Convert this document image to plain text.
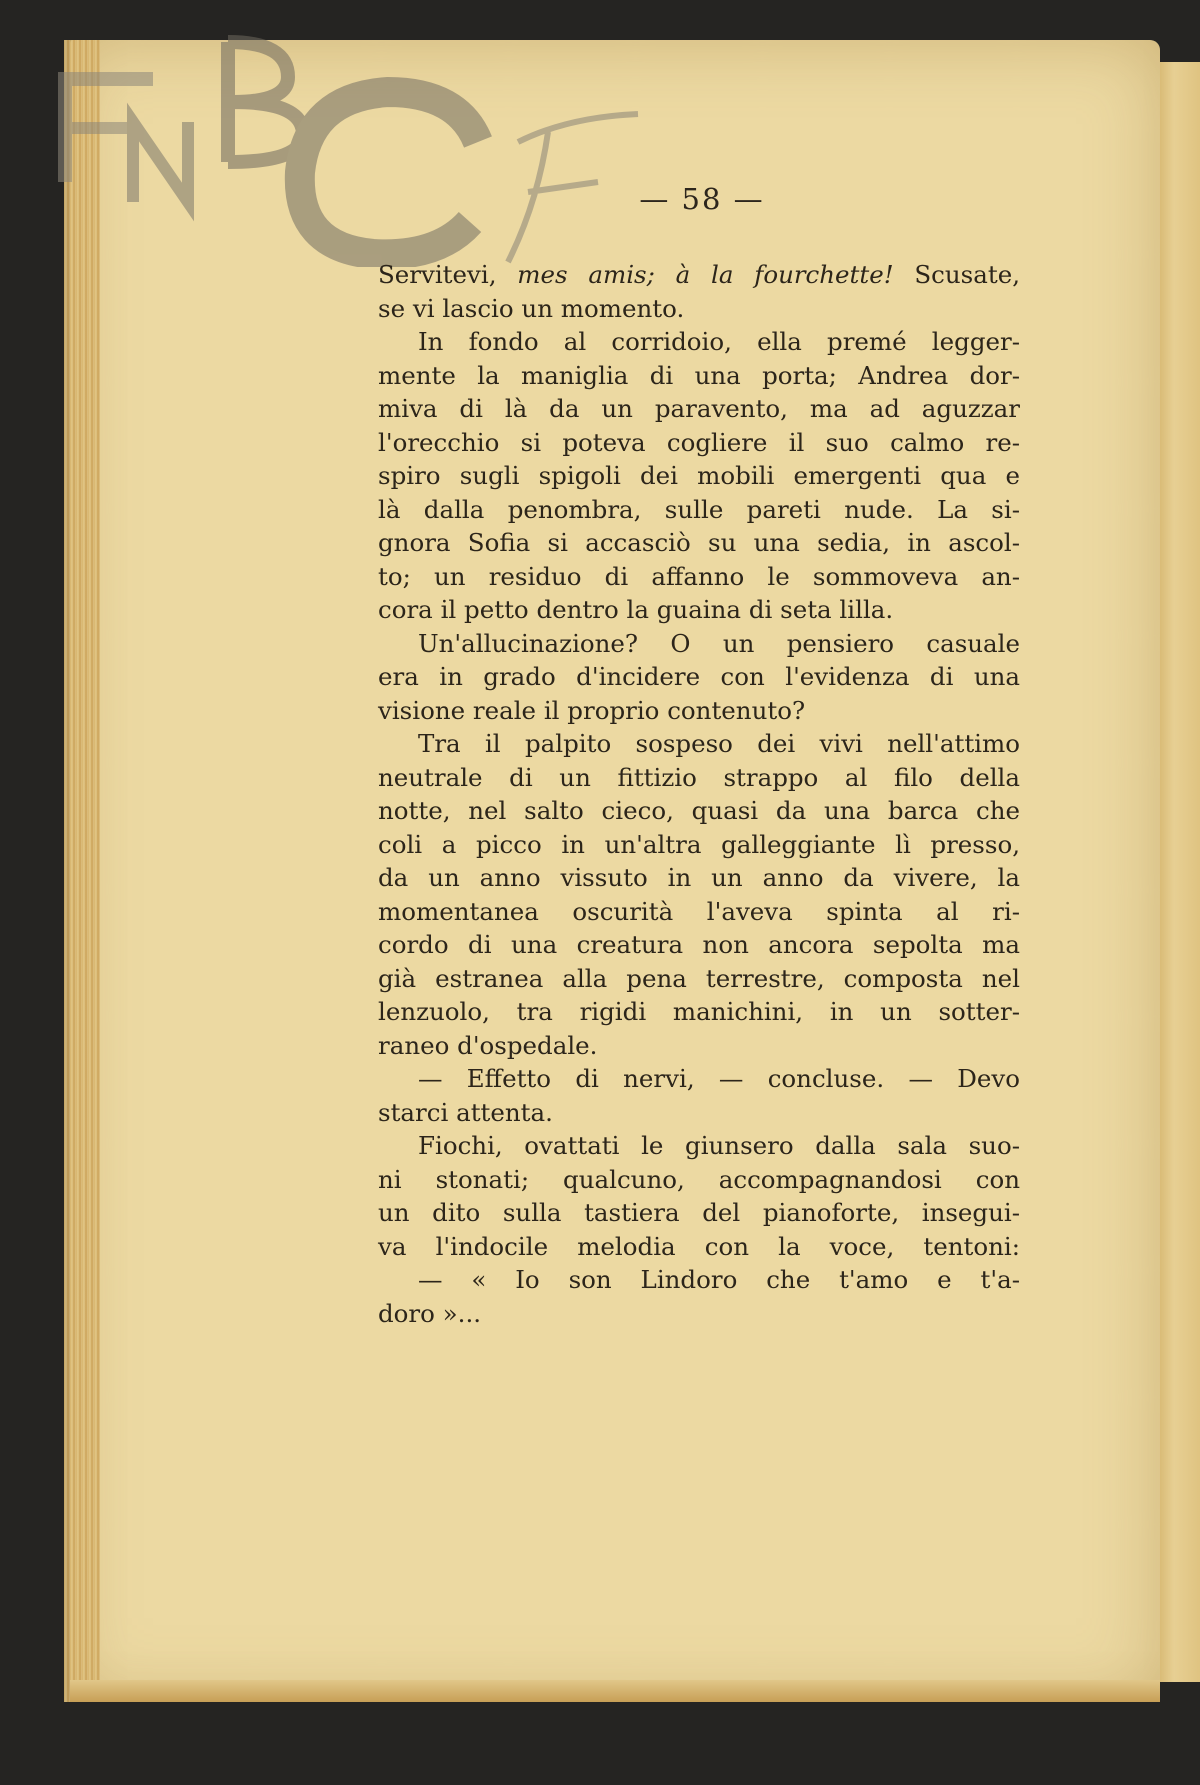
— 58 —
Servitevi, mes amis; à la fourchette! Scusate,
se vi lascio un momento.
In fondo al corridoio, ella premé legger-
mente la maniglia di una porta; Andrea dor-
miva di là da un paravento, ma ad aguzzar
l'orecchio si poteva cogliere il suo calmo re-
spiro sugli spigoli dei mobili emergenti qua e
là dalla penombra, sulle pareti nude. La si-
gnora Sofia si accasciò su una sedia, in ascol-
to; un residuo di affanno le sommoveva an-
cora il petto dentro la guaina di seta lilla.
Un'allucinazione? O un pensiero casuale
era in grado d'incidere con l'evidenza di una
visione reale il proprio contenuto?
Tra il palpito sospeso dei vivi nell'attimo
neutrale di un fittizio strappo al filo della
notte, nel salto cieco, quasi da una barca che
coli a picco in un'altra galleggiante lì presso,
da un anno vissuto in un anno da vivere, la
momentanea oscurità l'aveva spinta al ri-
cordo di una creatura non ancora sepolta ma
già estranea alla pena terrestre, composta nel
lenzuolo, tra rigidi manichini, in un sotter-
raneo d'ospedale.
— Effetto di nervi, — concluse. — Devo
starci attenta.
Fiochi, ovattati le giunsero dalla sala suo-
ni stonati; qualcuno, accompagnandosi con
un dito sulla tastiera del pianoforte, insegui-
va l'indocile melodia con la voce, tentoni:
— « Io son Lindoro che t'amo e t'a-
doro »...
